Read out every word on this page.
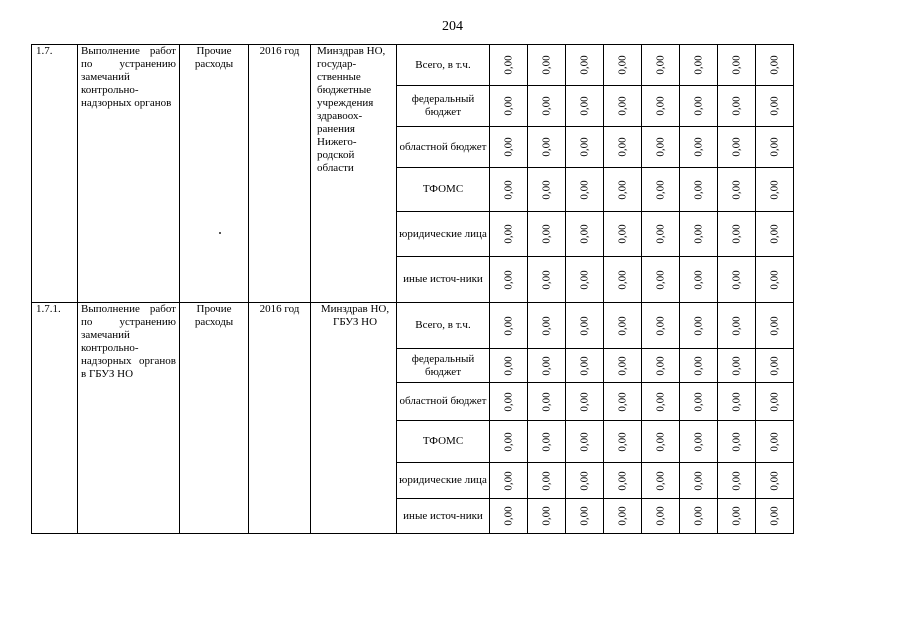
204
1.7.	Выполнение работ по устранению замечаний контрольно-надзорных органов	Прочие расходы	2016 год	Минздрав НО, государ-ственные бюджетные учреждения здравоох-ранения Нижего-родской области	Всего, в т.ч.	0,00	0,00	0,00	0,00	0,00	0,00	0,00	0,00

					федеральный бюджет	0,00	0,00	0,00	0,00	0,00	0,00	0,00	0,00

					областной бюджет	0,00	0,00	0,00	0,00	0,00	0,00	0,00	0,00

					ТФОМС	0,00	0,00	0,00	0,00	0,00	0,00	0,00	0,00

					юридические лица	0,00	0,00	0,00	0,00	0,00	0,00	0,00	0,00

					иные источ-ники	0,00	0,00	0,00	0,00	0,00	0,00	0,00	0,00

1.7.1.	Выполнение работ по устранению замечаний контрольно-надзорных органов в ГБУЗ НО	Прочие расходы	2016 год	Минздрав НО, ГБУЗ НО	Всего, в т.ч.	0,00	0,00	0,00	0,00	0,00	0,00	0,00	0,00

					федеральный бюджет	0,00	0,00	0,00	0,00	0,00	0,00	0,00	0,00

					областной бюджет	0,00	0,00	0,00	0,00	0,00	0,00	0,00	0,00

					ТФОМС	0,00	0,00	0,00	0,00	0,00	0,00	0,00	0,00

					юридические лица	0,00	0,00	0,00	0,00	0,00	0,00	0,00	0,00

					иные источ-ники	0,00	0,00	0,00	0,00	0,00	0,00	0,00	0,00
